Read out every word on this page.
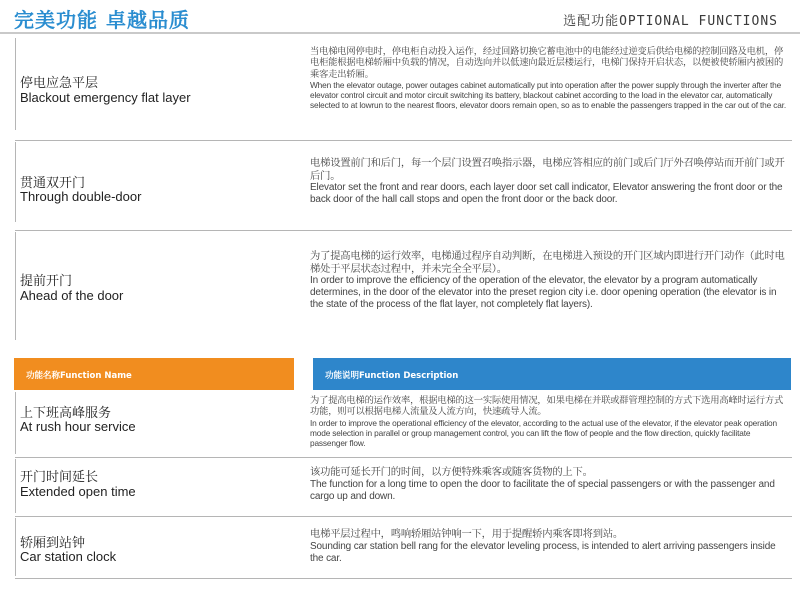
完美功能 卓越品质	选配功能OPTIONAL FUNCTIONS
停电应急平层
Blackout emergency flat layer
当电梯电网停电时，停电柜自动投入运作，经过回路切换它蓄电池中的电能经过逆变后供给电梯的控制回路及电机，停电柜能根据电梯轿厢中负载的情况，自动选向并以低速向最近层楼运行，电梯门保持开启状态，以便被使轿厢内被困的乘客走出轿厢。
When the elevator outage, power outages cabinet automatically put into operation after the power supply through the inverter after the elevator control circuit and motor circuit switching its battery, blackout cabinet according to the load in the elevator car, automatically selected to at lowrun to the nearest floors, elevator doors remain open, so as to enable the passengers trapped in the car out of the car.
贯通双开门
Through double-door
电梯设置前门和后门，每一个层门设置召唤指示器，电梯应答相应的前门或后门厅外召唤停站而开前门或开后门。
Elevator set the front and rear doors, each layer door set call indicator, Elevator answering the front door or the back door of the hall call stops and open the front door or the back door.
提前开门
Ahead of the door
为了提高电梯的运行效率，电梯通过程序自动判断，在电梯进入预设的开门区域内即进行开门动作（此时电梯处于平层状态过程中，并未完全全平层）。
In order to improve the efficiency of the operation of the elevator, the elevator by a program automatically determines, in the door of the elevator into the preset region city i.e. door opening operation (the elevator is in the state of the process of the flat layer, not completely flat layers).
功能名称Function Name	功能说明Function Description
上下班高峰服务
At rush hour service
为了提高电梯的运作效率，根据电梯的这一实际使用情况，如果电梯在并联或群管理控制的方式下选用高峰时运行方式功能，则可以根据电梯人流量及人流方向，快速疏导人流。
In order to improve the operational efficiency of the elevator, according to the actual use of the elevator, if the elevator peak operation mode selection in parallel or group management control, you can lift the flow of people and the flow direction, quickly facilitate passenger flow.
开门时间延长
Extended open time
该功能可延长开门的时间，以方便特殊乘客或随客货物的上下。
The function for a long time to open the door to facilitate the of special passengers or with the passenger and cargo up and down.
轿厢到站钟
Car station clock
电梯平层过程中，鸣响轿厢站钟响一下，用于提醒轿内乘客即将到站。
Sounding car station bell rang for the elevator leveling process, is intended to alert arriving passengers inside the car.
